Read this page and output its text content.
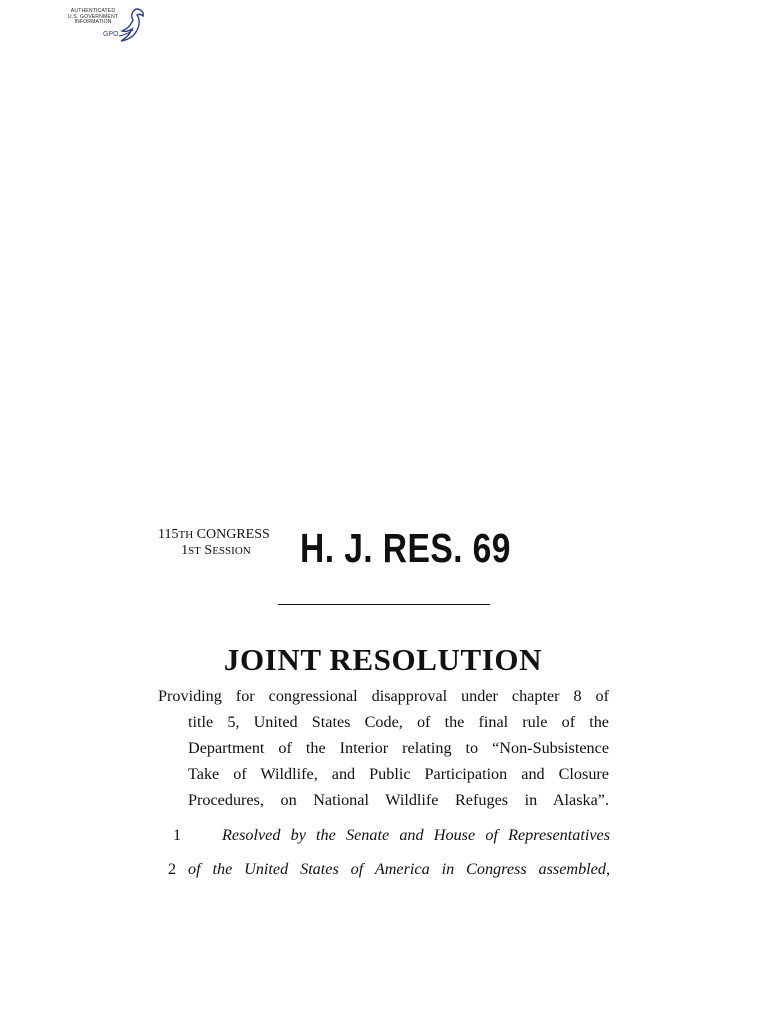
AUTHENTICATED
U.S. GOVERNMENT
INFORMATION
GPO
115TH CONGRESS
1ST SESSION	H. J. RES. 69
JOINT RESOLUTION
Providing for congressional disapproval under chapter 8 of
title 5, United States Code, of the final rule of the
Department of the Interior relating to “Non-Subsistence
Take of Wildlife, and Public Participation and Closure
Procedures, on National Wildlife Refuges in Alaska”.
1	Resolved by the Senate and House of Representatives
2 of the United States of America in Congress assembled,
